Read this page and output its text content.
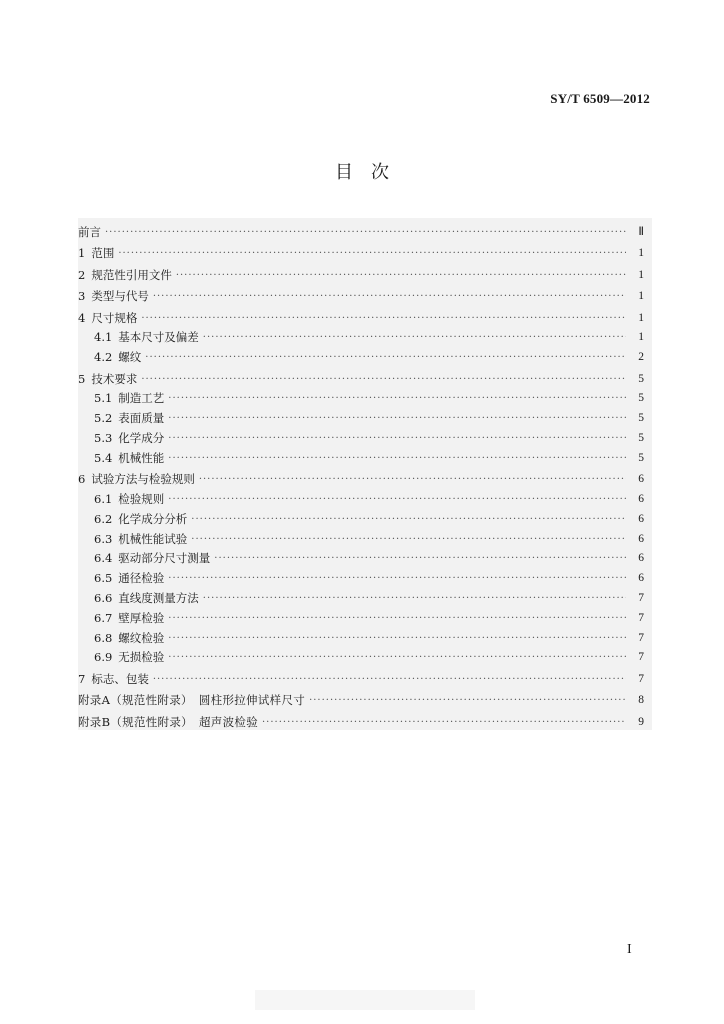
SY/T 6509—2012
目　次
前言 ·····	Ⅱ
1 范围 ·····	1
2 规范性引用文件 ·····	1
3 类型与代号 ·····	1
4 尺寸规格 ·····	1
4.1 基本尺寸及偏差 ·····	1
4.2 螺纹 ·····	2
5 技术要求 ·····	5
5.1 制造工艺 ·····	5
5.2 表面质量 ·····	5
5.3 化学成分 ·····	5
5.4 机械性能 ·····	5
6 试验方法与检验规则 ·····	6
6.1 检验规则 ·····	6
6.2 化学成分分析 ·····	6
6.3 机械性能试验 ·····	6
6.4 驱动部分尺寸测量 ·····	6
6.5 通径检验 ·····	6
6.6 直线度测量方法 ·····	7
6.7 壁厚检验 ·····	7
6.8 螺纹检验 ·····	7
6.9 无损检验 ·····	7
7 标志、包装 ·····	7
附录A（规范性附录）　圆柱形拉伸试样尺寸 ·····	8
附录B（规范性附录）　超声波检验 ·····	9
I
